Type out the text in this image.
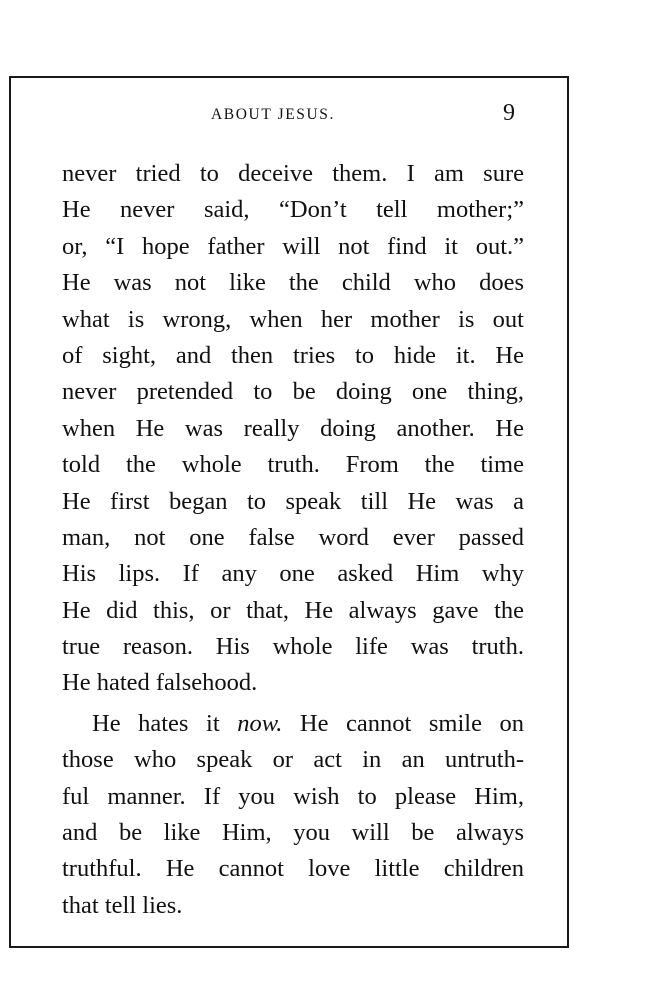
ABOUT JESUS.	9
never tried to deceive them. I am sure
He never said, “Don’t tell mother;”
or, “I hope father will not find it out.”
He was not like the child who does
what is wrong, when her mother is out
of sight, and then tries to hide it. He
never pretended to be doing one thing,
when He was really doing another. He
told the whole truth. From the time
He first began to speak till He was a
man, not one false word ever passed
His lips. If any one asked Him why
He did this, or that, He always gave the
true reason. His whole life was truth.
He hated falsehood.
He hates it now. He cannot smile on
those who speak or act in an untruth-
ful manner. If you wish to please Him,
and be like Him, you will be always
truthful. He cannot love little children
that tell lies.
